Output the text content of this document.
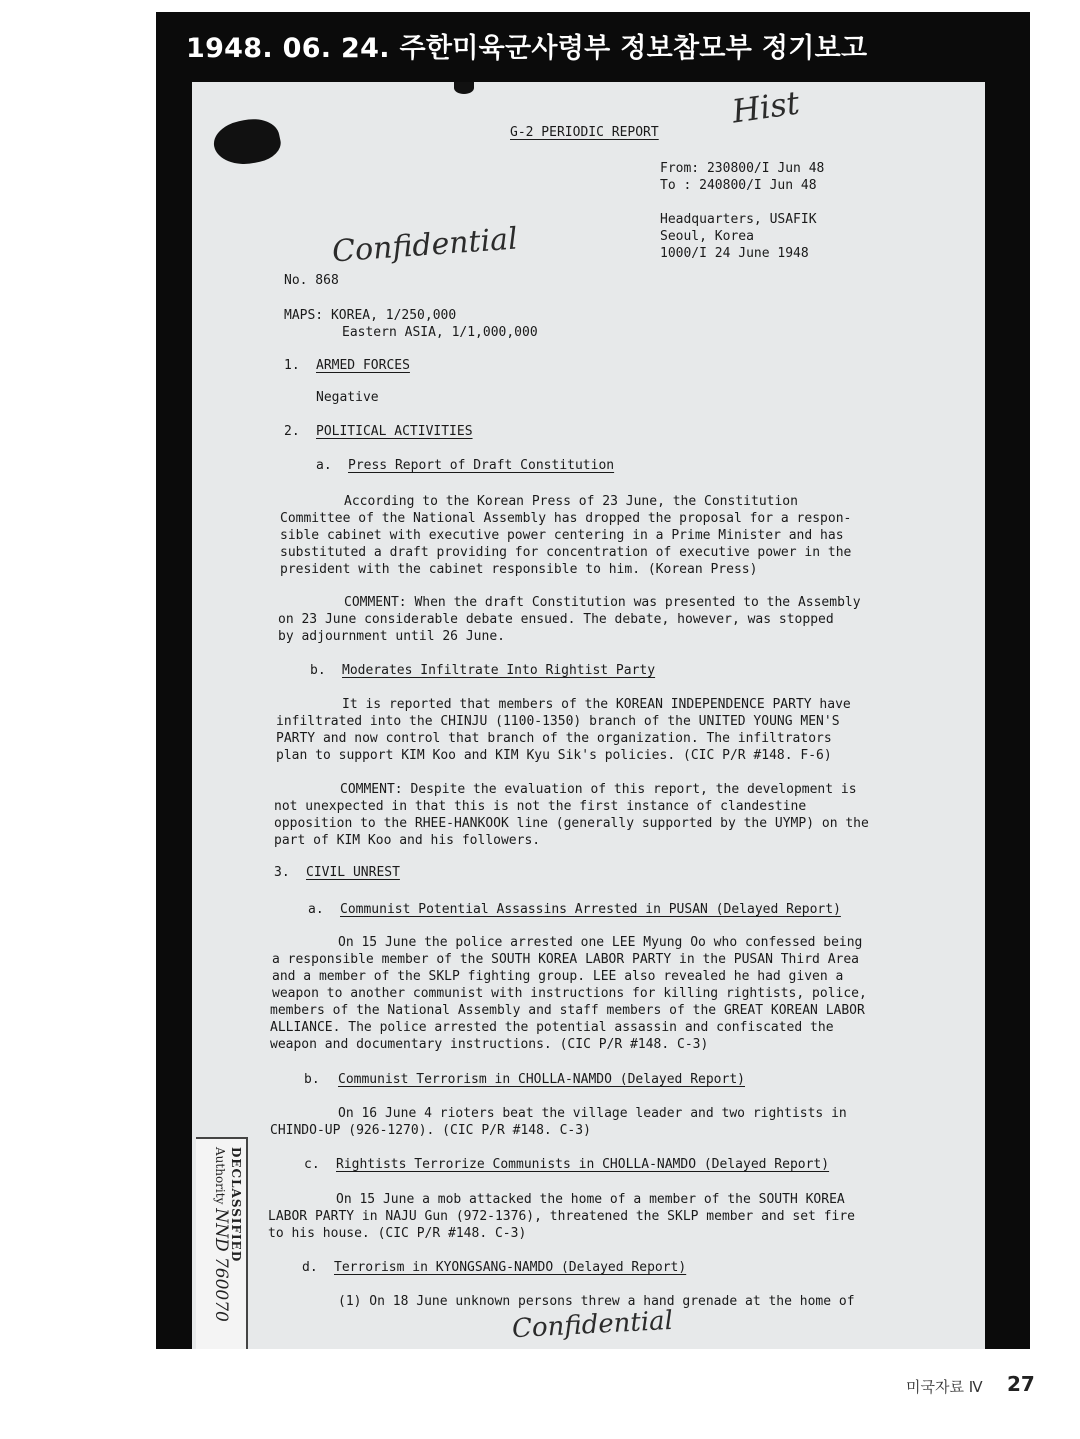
1948. 06. 24. 주한미육군사령부 정보참모부 정기보고
G-2 PERIODIC REPORT
Hist
From: 230800/I Jun 48
To : 240800/I Jun 48
Headquarters, USAFIK
Seoul, Korea
1000/I 24 June 1948
Confidential
No. 868
MAPS: KOREA, 1/250,000
Eastern ASIA, 1/1,000,000
1. ARMED FORCES
Negative
2. POLITICAL ACTIVITIES
a. Press Report of Draft Constitution
According to the Korean Press of 23 June, the Constitution
Committee of the National Assembly has dropped the proposal for a respon-
sible cabinet with executive power centering in a Prime Minister and has
substituted a draft providing for concentration of executive power in the
president with the cabinet responsible to him. (Korean Press)
COMMENT: When the draft Constitution was presented to the Assembly
on 23 June considerable debate ensued. The debate, however, was stopped
by adjournment until 26 June.
b. Moderates Infiltrate Into Rightist Party
It is reported that members of the KOREAN INDEPENDENCE PARTY have
infiltrated into the CHINJU (1100-1350) branch of the UNITED YOUNG MEN'S
PARTY and now control that branch of the organization. The infiltrators
plan to support KIM Koo and KIM Kyu Sik's policies. (CIC P/R #148. F-6)
COMMENT: Despite the evaluation of this report, the development is
not unexpected in that this is not the first instance of clandestine
opposition to the RHEE-HANKOOK line (generally supported by the UYMP) on the
part of KIM Koo and his followers.
3. CIVIL UNREST
a. Communist Potential Assassins Arrested in PUSAN (Delayed Report)
On 15 June the police arrested one LEE Myung Oo who confessed being
a responsible member of the SOUTH KOREA LABOR PARTY in the PUSAN Third Area
and a member of the SKLP fighting group. LEE also revealed he had given a
weapon to another communist with instructions for killing rightists, police,
members of the National Assembly and staff members of the GREAT KOREAN LABOR
ALLIANCE. The police arrested the potential assassin and confiscated the
weapon and documentary instructions. (CIC P/R #148. C-3)
b. Communist Terrorism in CHOLLA-NAMDO (Delayed Report)
On 16 June 4 rioters beat the village leader and two rightists in
CHINDO-UP (926-1270). (CIC P/R #148. C-3)
c. Rightists Terrorize Communists in CHOLLA-NAMDO (Delayed Report)
On 15 June a mob attacked the home of a member of the SOUTH KOREA
LABOR PARTY in NAJU Gun (972-1376), threatened the SKLP member and set fire
to his house. (CIC P/R #148. C-3)
d. Terrorism in KYONGSANG-NAMDO (Delayed Report)
(1) On 18 June unknown persons threw a hand grenade at the home of
Confidential
DECLASSIFIED
Authority NND 760070
미국자료 Ⅳ 27
